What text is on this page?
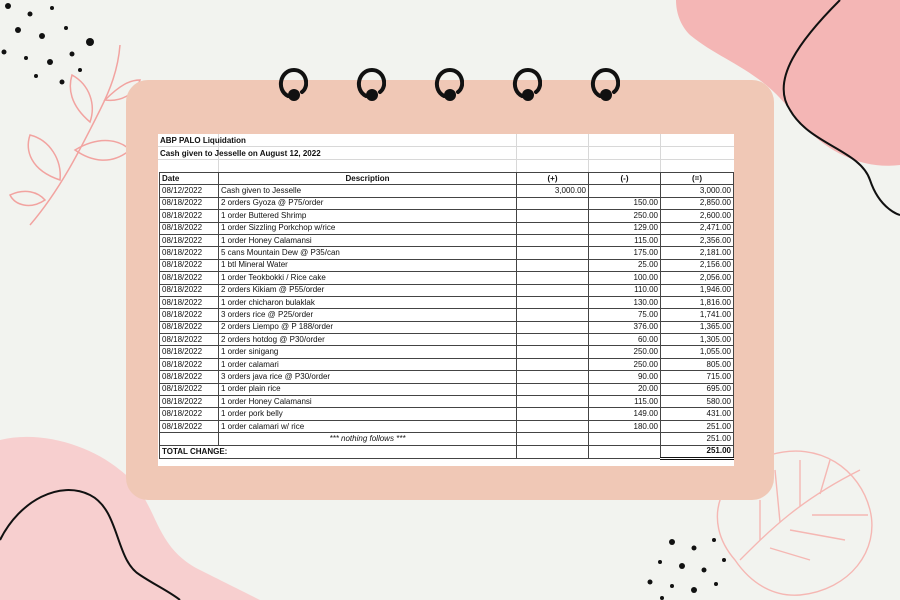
ABP PALO Liquidation
Cash given to Jesselle on August 12, 2022
Date	Description	(+)	(-)	(=)
08/12/2022	Cash given to Jesselle	3,000.00		3,000.00
08/18/2022	2 orders Gyoza @ P75/order		150.00	2,850.00
08/18/2022	1 order Buttered Shrimp		250.00	2,600.00
08/18/2022	1 order Sizzling Porkchop w/rice		129.00	2,471.00
08/18/2022	1 order Honey Calamansi		115.00	2,356.00
08/18/2022	5 cans Mountain Dew @ P35/can		175.00	2,181.00
08/18/2022	1 btl Mineral Water		25.00	2,156.00
08/18/2022	1 order Teokbokki / Rice cake		100.00	2,056.00
08/18/2022	2 orders Kikiam @ P55/order		110.00	1,946.00
08/18/2022	1 order chicharon bulaklak		130.00	1,816.00
08/18/2022	3 orders rice @ P25/order		75.00	1,741.00
08/18/2022	2 orders Liempo @ P 188/order		376.00	1,365.00
08/18/2022	2 orders hotdog @ P30/order		60.00	1,305.00
08/18/2022	1 order sinigang		250.00	1,055.00
08/18/2022	1 order calamari		250.00	805.00
08/18/2022	3 orders java rice @ P30/order		90.00	715.00
08/18/2022	1 order plain rice		20.00	695.00
08/18/2022	1 order Honey Calamansi		115.00	580.00
08/18/2022	1 order pork belly		149.00	431.00
08/18/2022	1 order calamari w/ rice		180.00	251.00
	*** nothing follows ***			251.00
TOTAL CHANGE:				251.00
